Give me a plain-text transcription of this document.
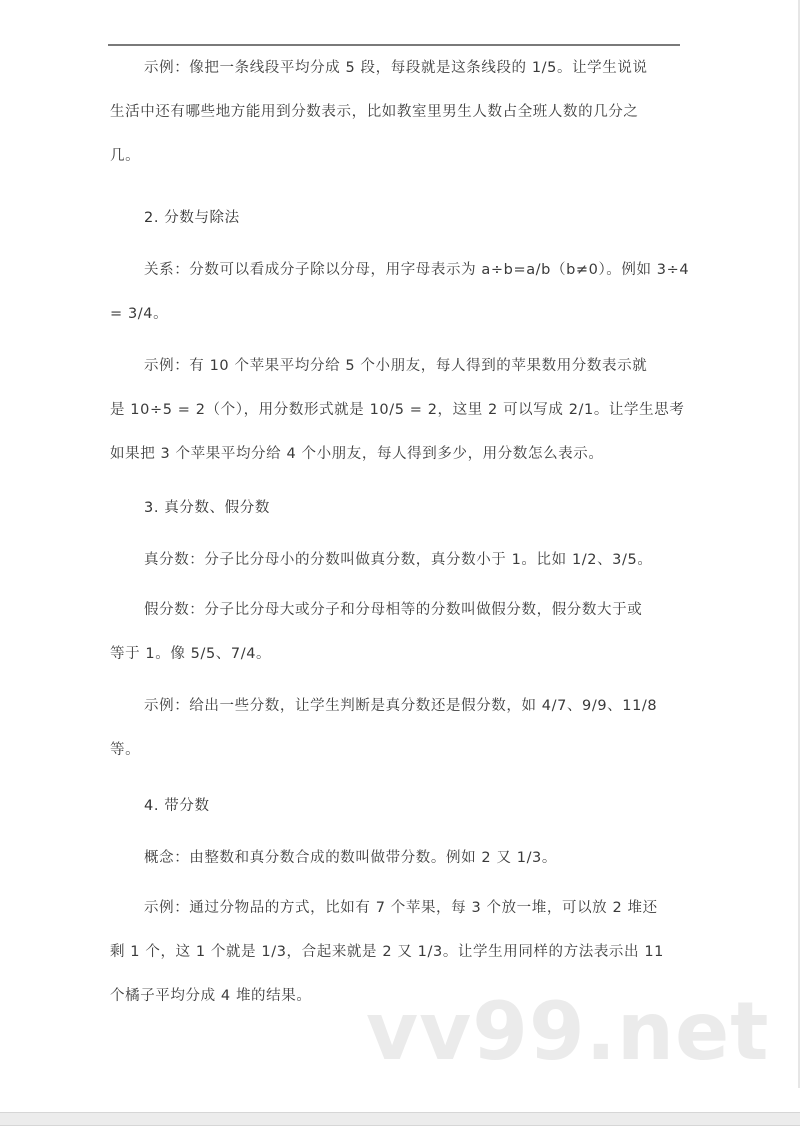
示例：像把一条线段平均分成 5 段，每段就是这条线段的 1/5。让学生说说
生活中还有哪些地方能用到分数表示，比如教室里男生人数占全班人数的几分之
几。
2. 分数与除法
关系：分数可以看成分子除以分母，用字母表示为 a÷b=a/b（b≠0）。例如 3÷4
= 3/4。
示例：有 10 个苹果平均分给 5 个小朋友，每人得到的苹果数用分数表示就
是 10÷5 = 2（个），用分数形式就是 10/5 = 2，这里 2 可以写成 2/1。让学生思考
如果把 3 个苹果平均分给 4 个小朋友，每人得到多少，用分数怎么表示。
3. 真分数、假分数
真分数：分子比分母小的分数叫做真分数，真分数小于 1。比如 1/2、3/5。
假分数：分子比分母大或分子和分母相等的分数叫做假分数，假分数大于或
等于 1。像 5/5、7/4。
示例：给出一些分数，让学生判断是真分数还是假分数，如 4/7、9/9、11/8
等。
4. 带分数
概念：由整数和真分数合成的数叫做带分数。例如 2 又 1/3。
示例：通过分物品的方式，比如有 7 个苹果，每 3 个放一堆，可以放 2 堆还
剩 1 个，这 1 个就是 1/3，合起来就是 2 又 1/3。让学生用同样的方法表示出 11
个橘子平均分成 4 堆的结果。 vv99.net
